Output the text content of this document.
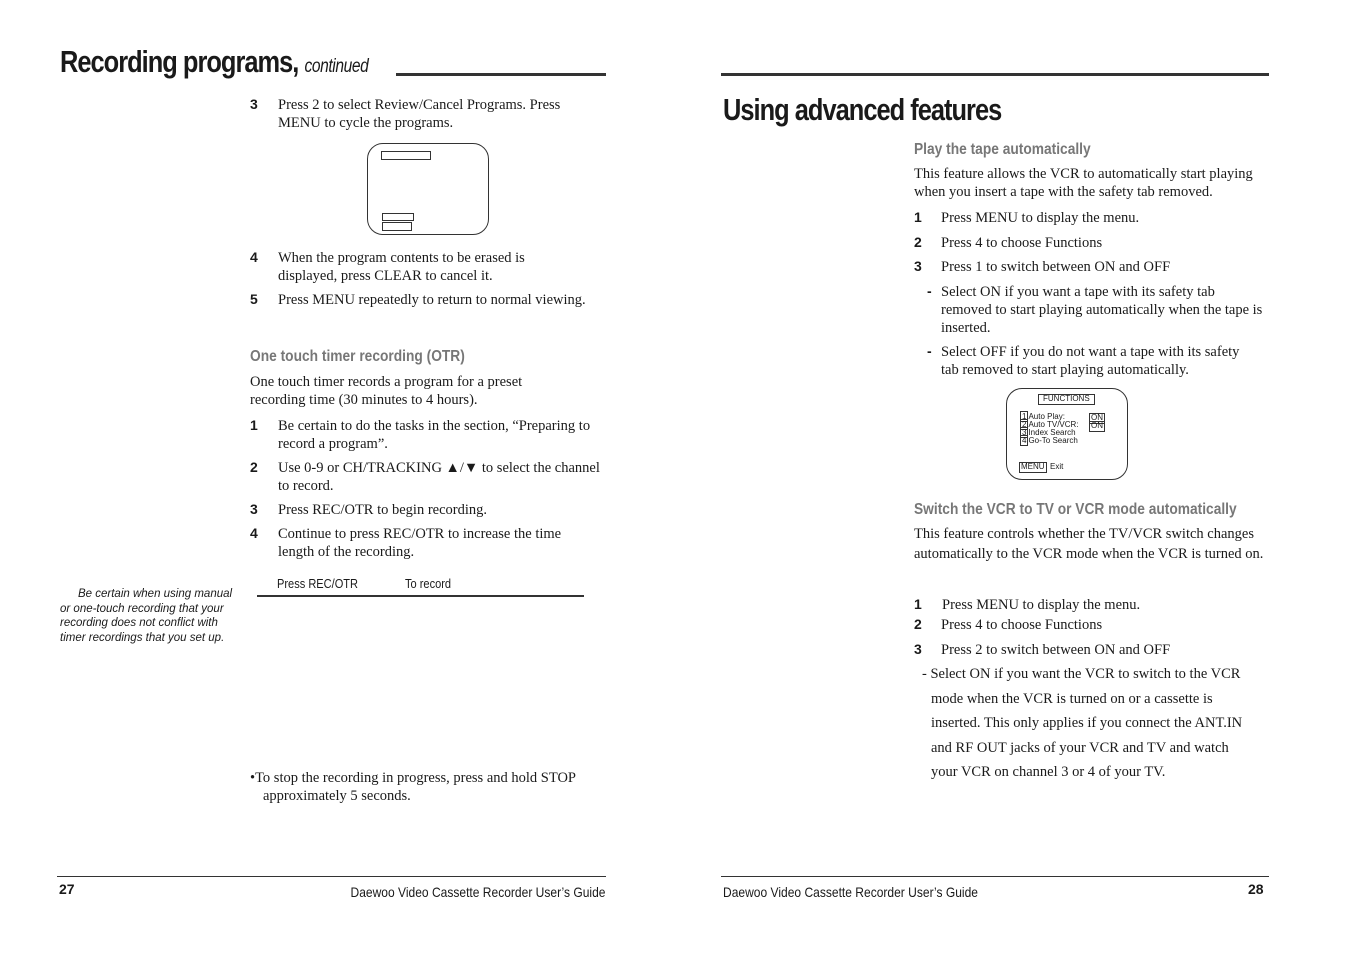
Recording programs, continued
3 Press 2 to select Review/Cancel Programs. Press MENU to cycle the programs.
4 When the program contents to be erased is displayed, press CLEAR to cancel it.
5 Press MENU repeatedly to return to normal viewing.
One touch timer recording (OTR)
One touch timer records a program for a preset recording time (30 minutes to 4 hours).
1 Be certain to do the tasks in the section, “Preparing to record a program”.
2 Use 0-9 or CH/TRACKING ▲/▼ to select the channel to record.
3 Press REC/OTR to begin recording.
4 Continue to press REC/OTR to increase the time length of the recording.
Press REC/OTR	To record
Be certain when using manual or one-touch recording that your recording does not conflict with timer recordings that you set up.
•To stop the recording in progress, press and hold STOP approximately 5 seconds.
27	Daewoo Video Cassette Recorder User’s Guide
Using advanced features
Play the tape automatically
This feature allows the VCR to automatically start playing when you insert a tape with the safety tab removed.
1 Press MENU to display the menu.
2 Press 4 to choose Functions
3 Press 1 to switch between ON and OFF
- Select ON if you want a tape with its safety tab removed to start playing automatically when the tape is inserted.
- Select OFF if you do not want a tape with its safety tab removed to start playing automatically.
FUNCTIONS
1 Auto Play:	ON
2 Auto TV/VCR: ON
3 Index Search
4 Go-To Search
MENU Exit
Switch the VCR to TV or VCR mode automatically
This feature controls whether the TV/VCR switch changes automatically to the VCR mode when the VCR is turned on.
1 Press MENU to display the menu.
2 Press 4 to choose Functions
3 Press 2 to switch between ON and OFF
- Select ON if you want the VCR to switch to the VCR
mode when the VCR is turned on or a cassette is
inserted. This only applies if you connect the ANT.IN
and RF OUT jacks of your VCR and TV and watch
your VCR on channel 3 or 4 of your TV.
Daewoo Video Cassette Recorder User’s Guide	28
